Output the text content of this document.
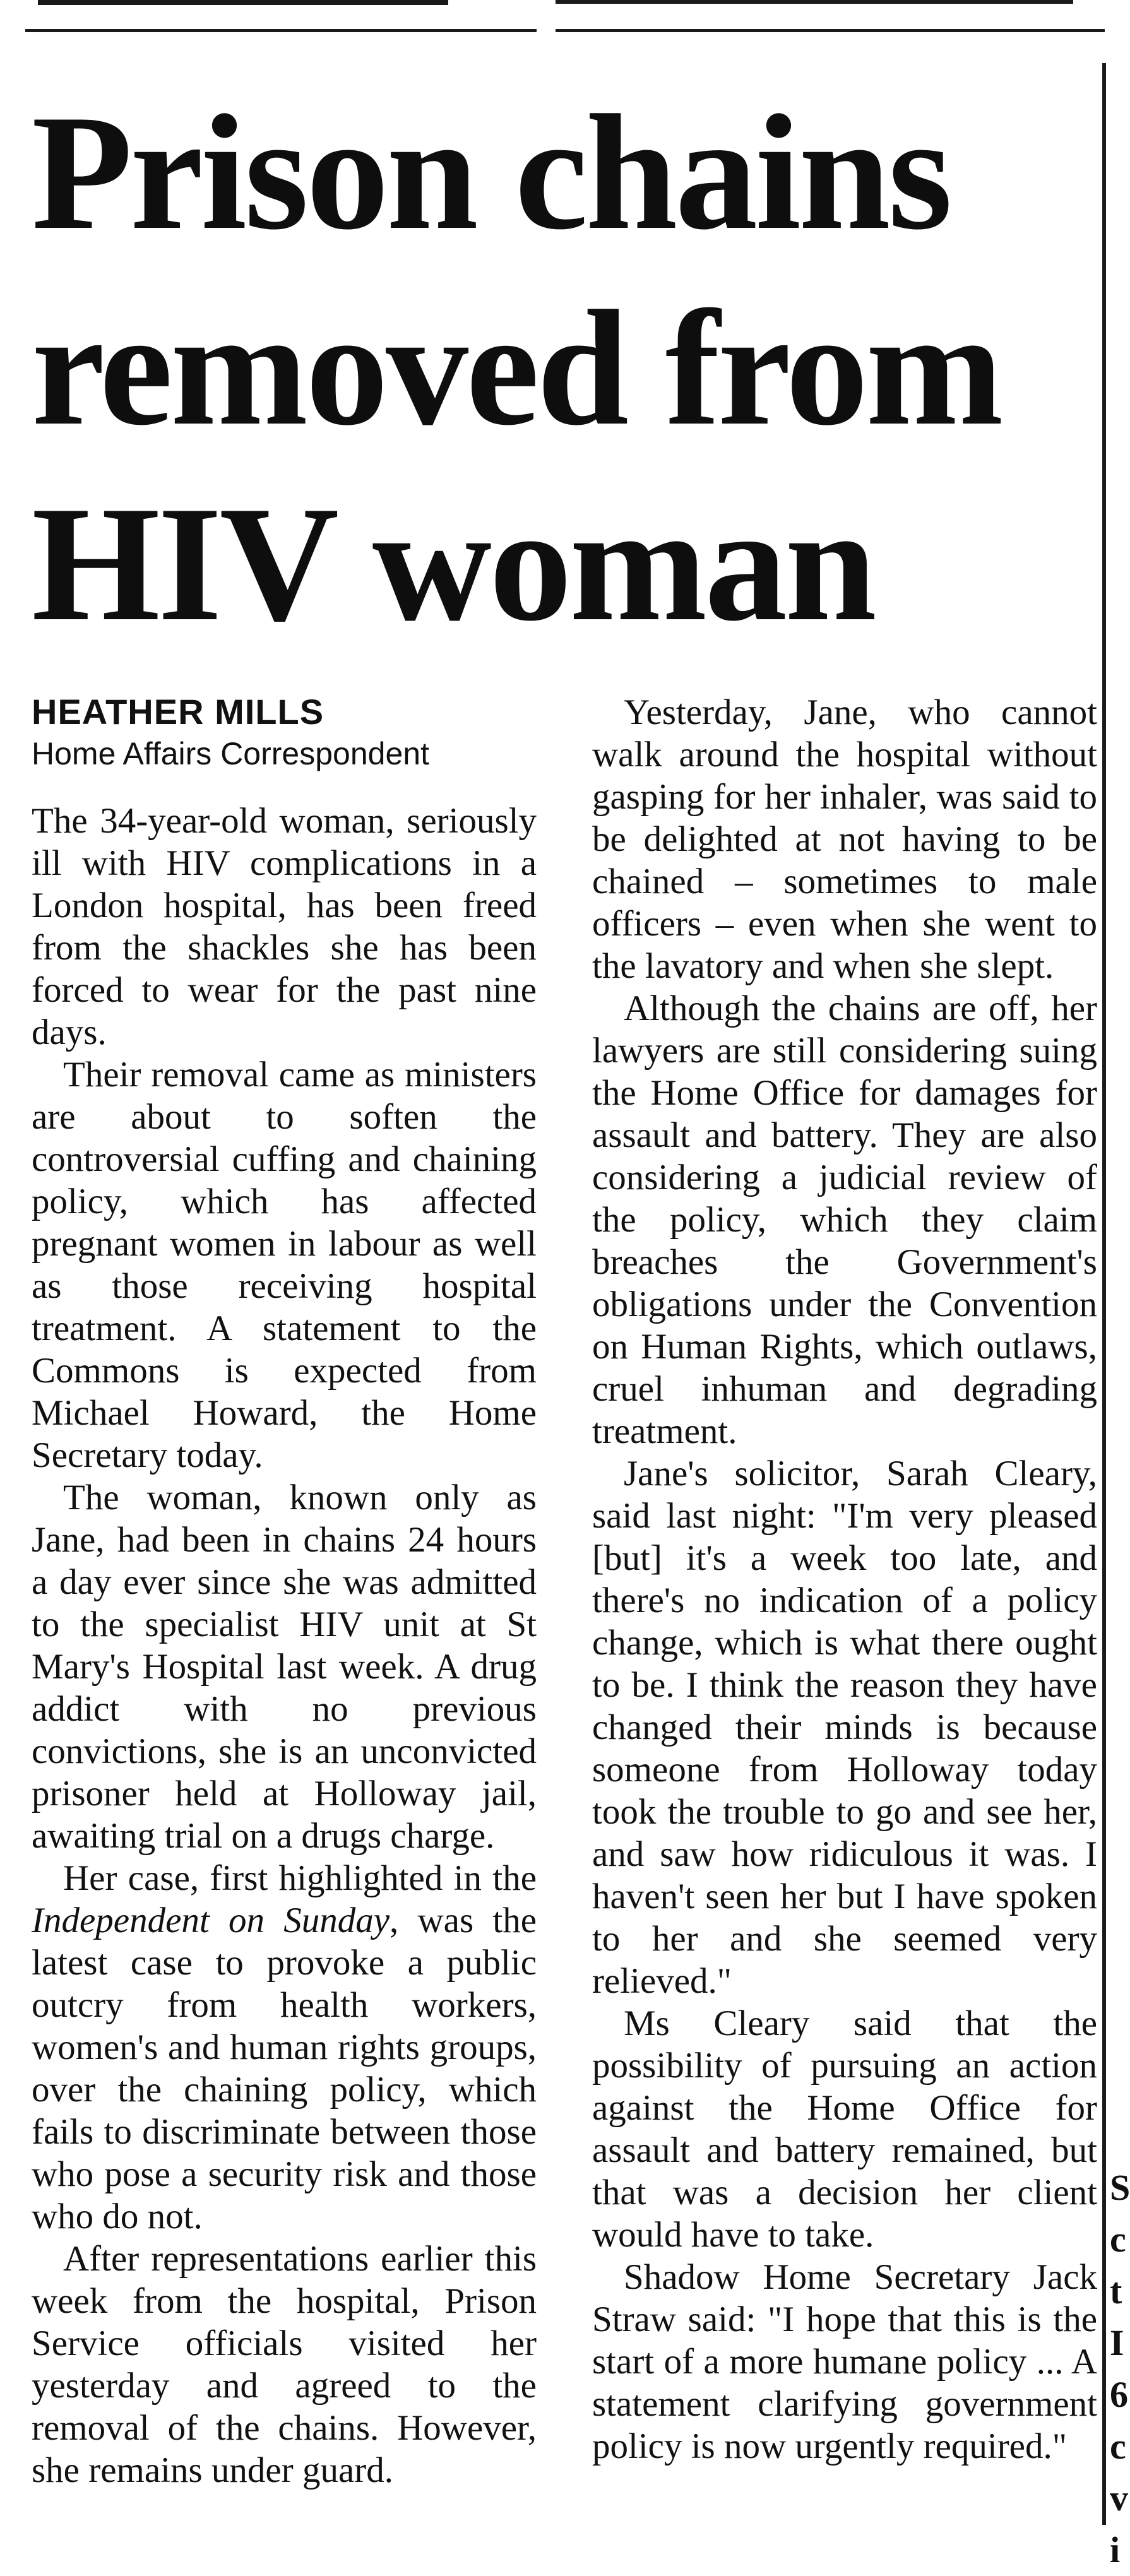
S
c
t
I
6
c
v
i
Prison chains
removed from
HIV woman
HEATHER MILLS
Home Affairs Correspondent

The 34-year-old woman, seriously ill with HIV complications in a London hospital, has been freed from the shackles she has been forced to wear for the past nine days.

Their removal came as ministers are about to soften the controversial cuffing and chaining policy, which has affected pregnant women in labour as well as those receiving hospital treatment. A statement to the Commons is expected from Michael Howard, the Home Secretary today.

The woman, known only as Jane, had been in chains 24 hours a day ever since she was admitted to the specialist HIV unit at St Mary's Hospital last week. A drug addict with no previous convictions, she is an unconvicted prisoner held at Holloway jail, awaiting trial on a drugs charge.

Her case, first highlighted in the Independent on Sunday, was the latest case to provoke a public outcry from health workers, women's and human rights groups, over the chaining policy, which fails to discriminate between those who pose a security risk and those who do not.

After representations earlier this week from the hospital, Prison Service officials visited her yesterday and agreed to the removal of the chains. However, she remains under guard.

Yesterday, Jane, who cannot walk around the hospital without gasping for her inhaler, was said to be delighted at not having to be chained – sometimes to male officers – even when she went to the lavatory and when she slept.

Although the chains are off, her lawyers are still considering suing the Home Office for damages for assault and battery. They are also considering a judicial review of the policy, which they claim breaches the Government's obligations under the Convention on Human Rights, which outlaws, cruel inhuman and degrading treatment.

Jane's solicitor, Sarah Cleary, said last night: "I'm very pleased [but] it's a week too late, and there's no indication of a policy change, which is what there ought to be. I think the reason they have changed their minds is because someone from Holloway today took the trouble to go and see her, and saw how ridiculous it was. I haven't seen her but I have spoken to her and she seemed very relieved."

Ms Cleary said that the possibility of pursuing an action against the Home Office for assault and battery remained, but that was a decision her client would have to take.

Shadow Home Secretary Jack Straw said: "I hope that this is the start of a more humane policy ... A statement clarifying government policy is now urgently required."
